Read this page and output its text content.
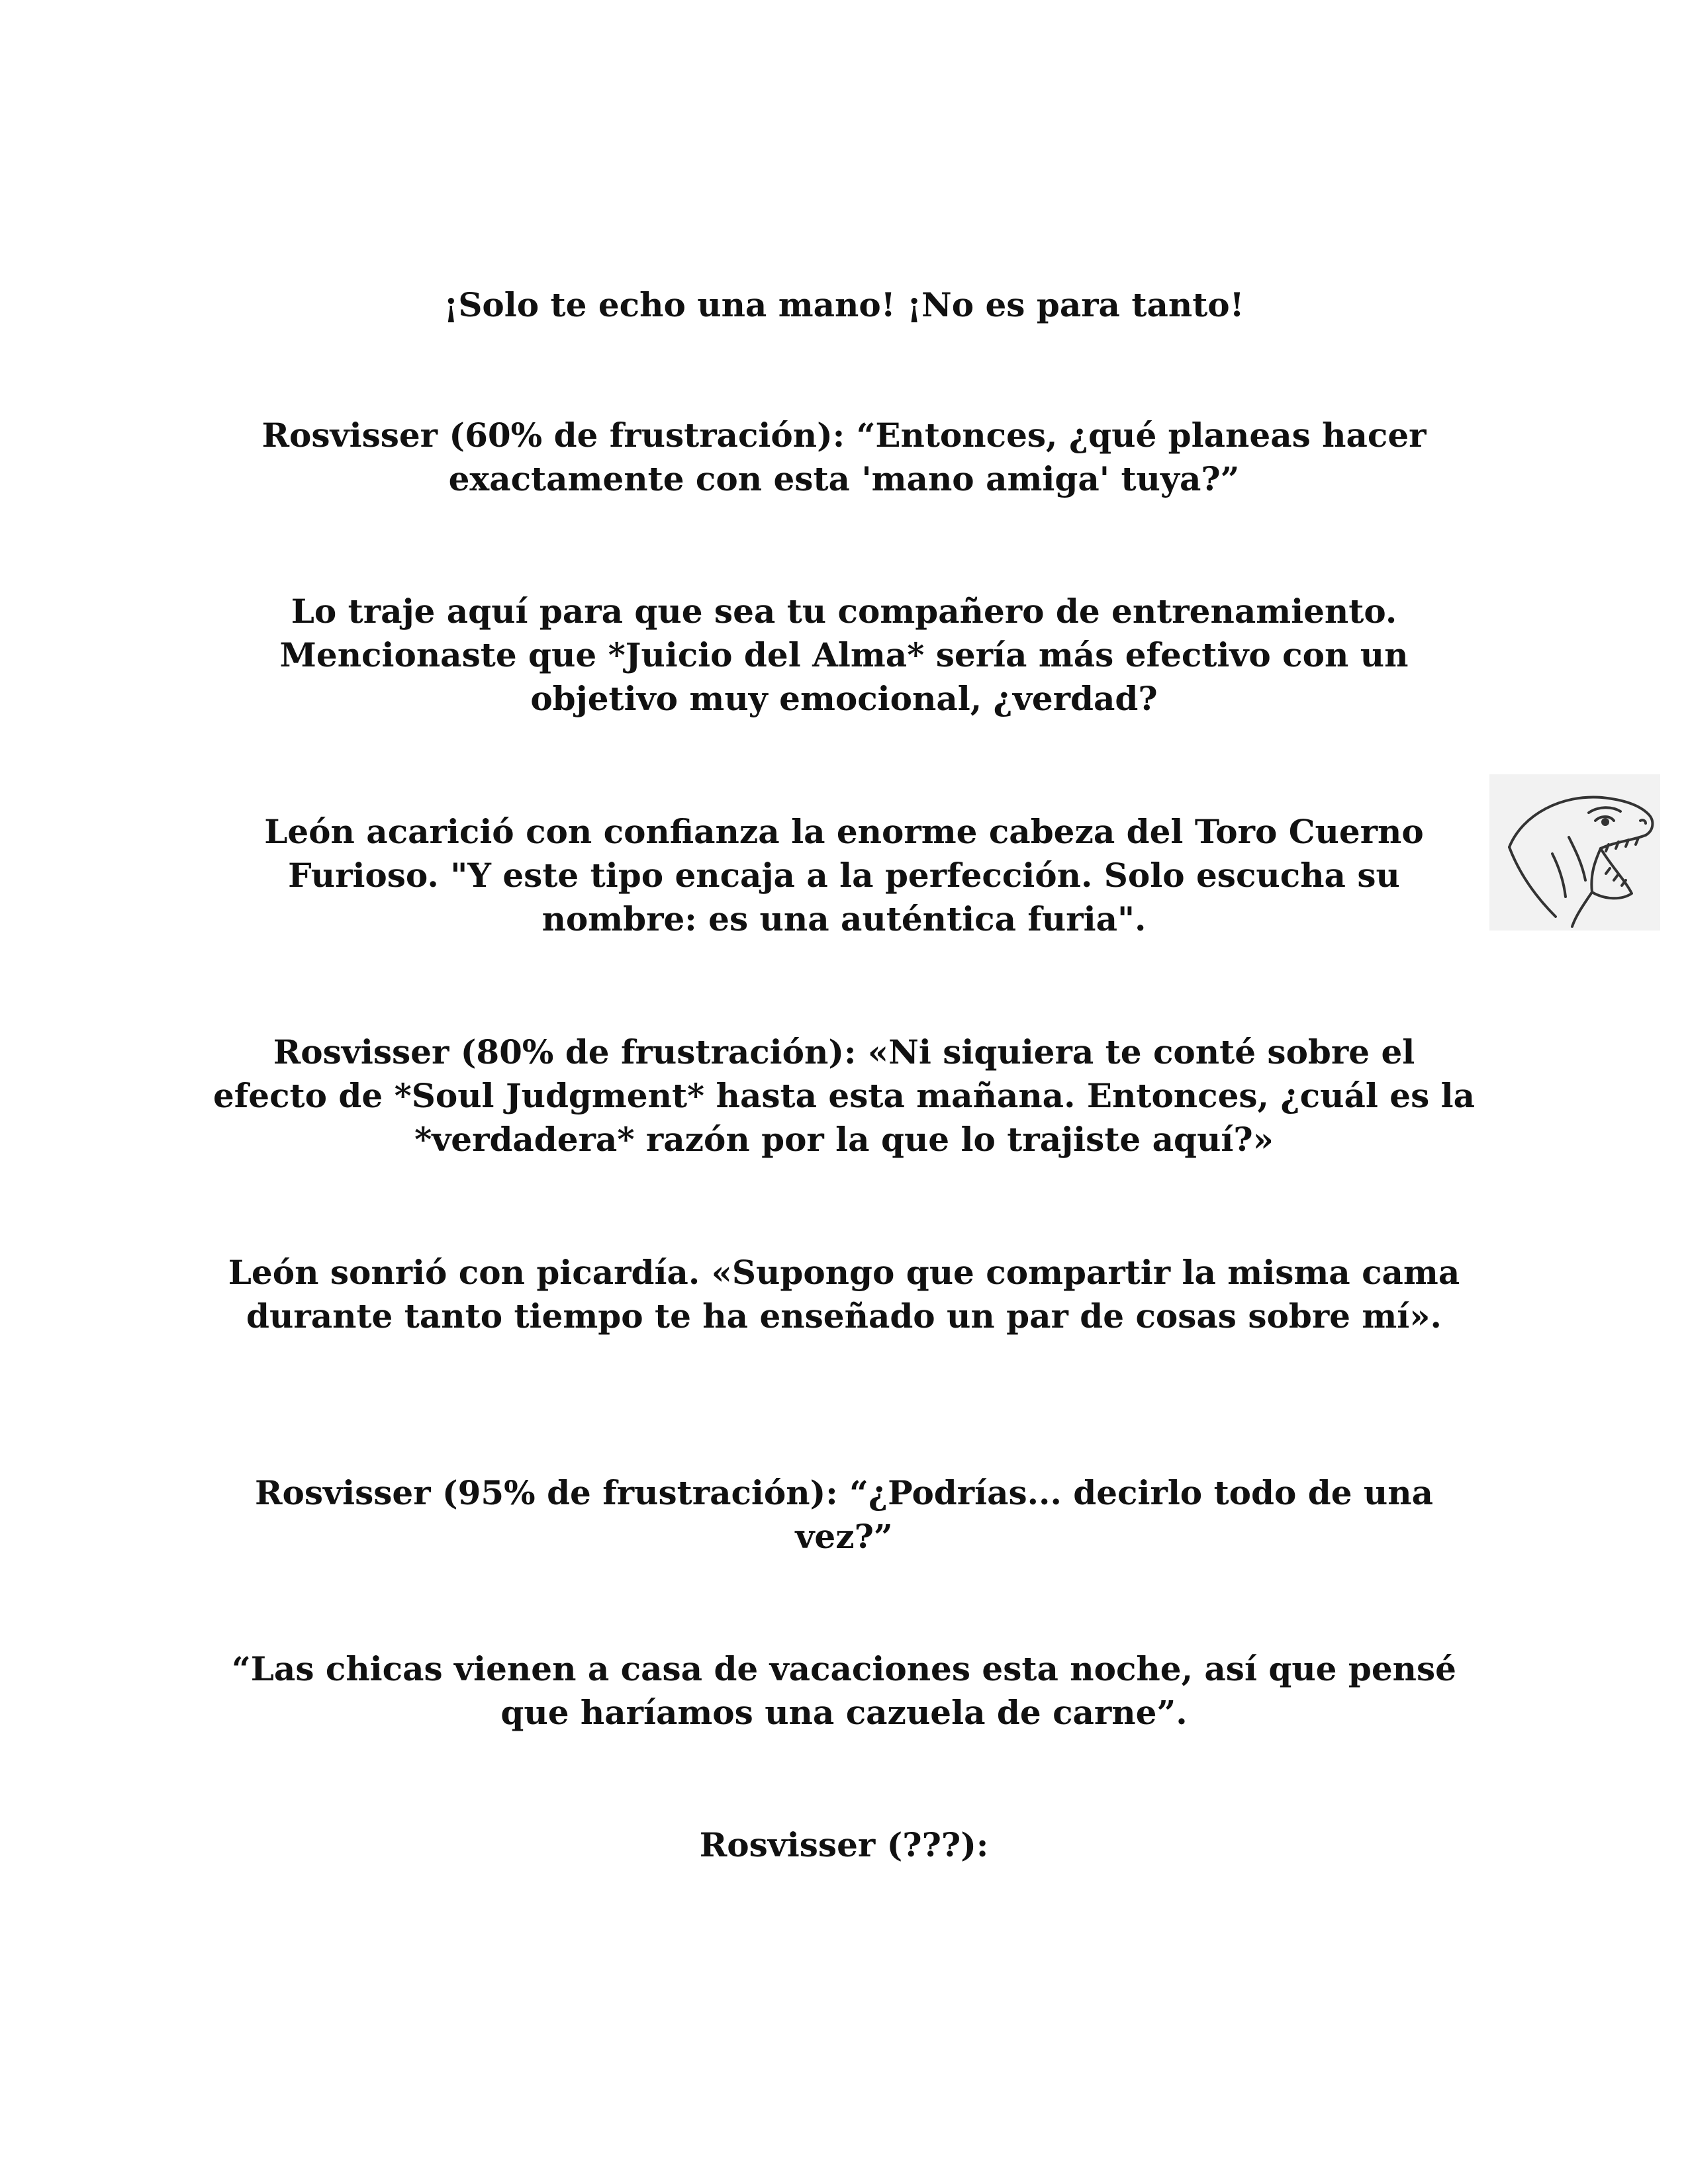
¡Solo te echo una mano! ¡No es para tanto!

Rosvisser (60% de frustración): “Entonces, ¿qué planeas hacer exactamente con esta 'mano amiga' tuya?”

Lo traje aquí para que sea tu compañero de entrenamiento. Mencionaste que *Juicio del Alma* sería más efectivo con un objetivo muy emocional, ¿verdad?

León acarició con confianza la enorme cabeza del Toro Cuerno Furioso. "Y este tipo encaja a la perfección. Solo escucha su nombre: es una auténtica furia".

Rosvisser (80% de frustración): «Ni siquiera te conté sobre el efecto de *Soul Judgment* hasta esta mañana. Entonces, ¿cuál es la *verdadera* razón por la que lo trajiste aquí?»

León sonrió con picardía. «Supongo que compartir la misma cama durante tanto tiempo te ha enseñado un par de cosas sobre mí».

Rosvisser (95% de frustración): “¿Podrías... decirlo todo de una vez?”

“Las chicas vienen a casa de vacaciones esta noche, así que pensé que haríamos una cazuela de carne”.

Rosvisser (???):
